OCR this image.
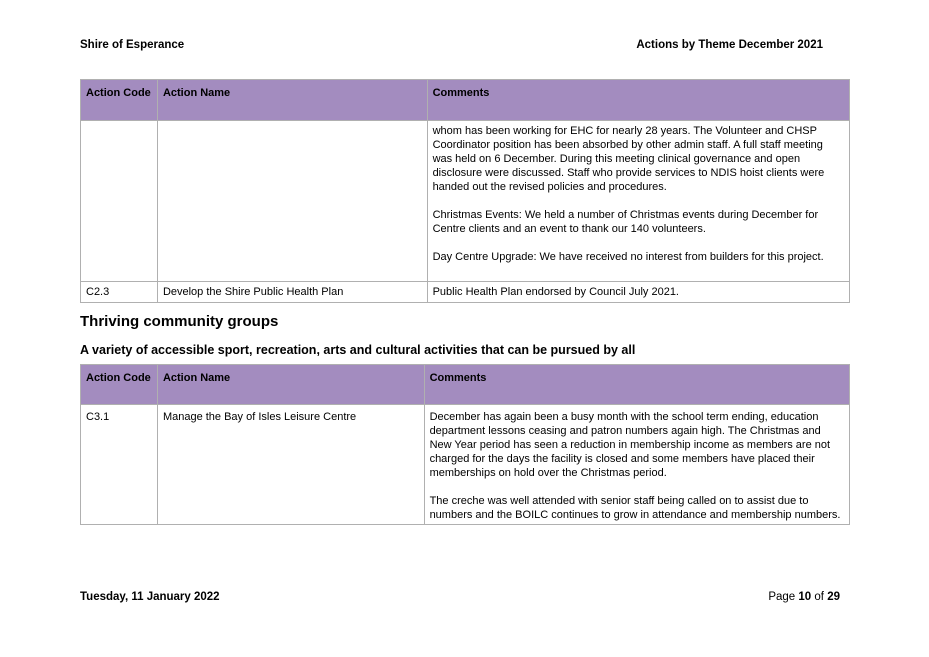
Shire of Esperance	Actions by Theme December 2021
Action Code	Action Name	Comments

		whom has been working for EHC for nearly 28 years. The Volunteer and CHSP Coordinator position has been absorbed by other admin staff. A full staff meeting was held on 6 December. During this meeting clinical governance and open disclosure were discussed. Staff who provide services to NDIS hoist clients were handed out the revised policies and procedures.

Christmas Events: We held a number of Christmas events during December for Centre clients and an event to thank our 140 volunteers.

Day Centre Upgrade: We have received no interest from builders for this project.

C2.3	Develop the Shire Public Health Plan	Public Health Plan endorsed by Council July 2021.

Thriving community groups
A variety of accessible sport, recreation, arts and cultural activities that can be pursued by all
Action Code	Action Name	Comments
C3.1	Manage the Bay of Isles Leisure Centre	December has again been a busy month with the school term ending, education department lessons ceasing and patron numbers again high. The Christmas and New Year period has seen a reduction in membership income as members are not charged for the days the facility is closed and some members have placed their memberships on hold over the Christmas period.

The creche was well attended with senior staff being called on to assist due to numbers and the BOILC continues to grow in attendance and membership numbers.

Tuesday, 11 January 2022	Page 10 of 29
